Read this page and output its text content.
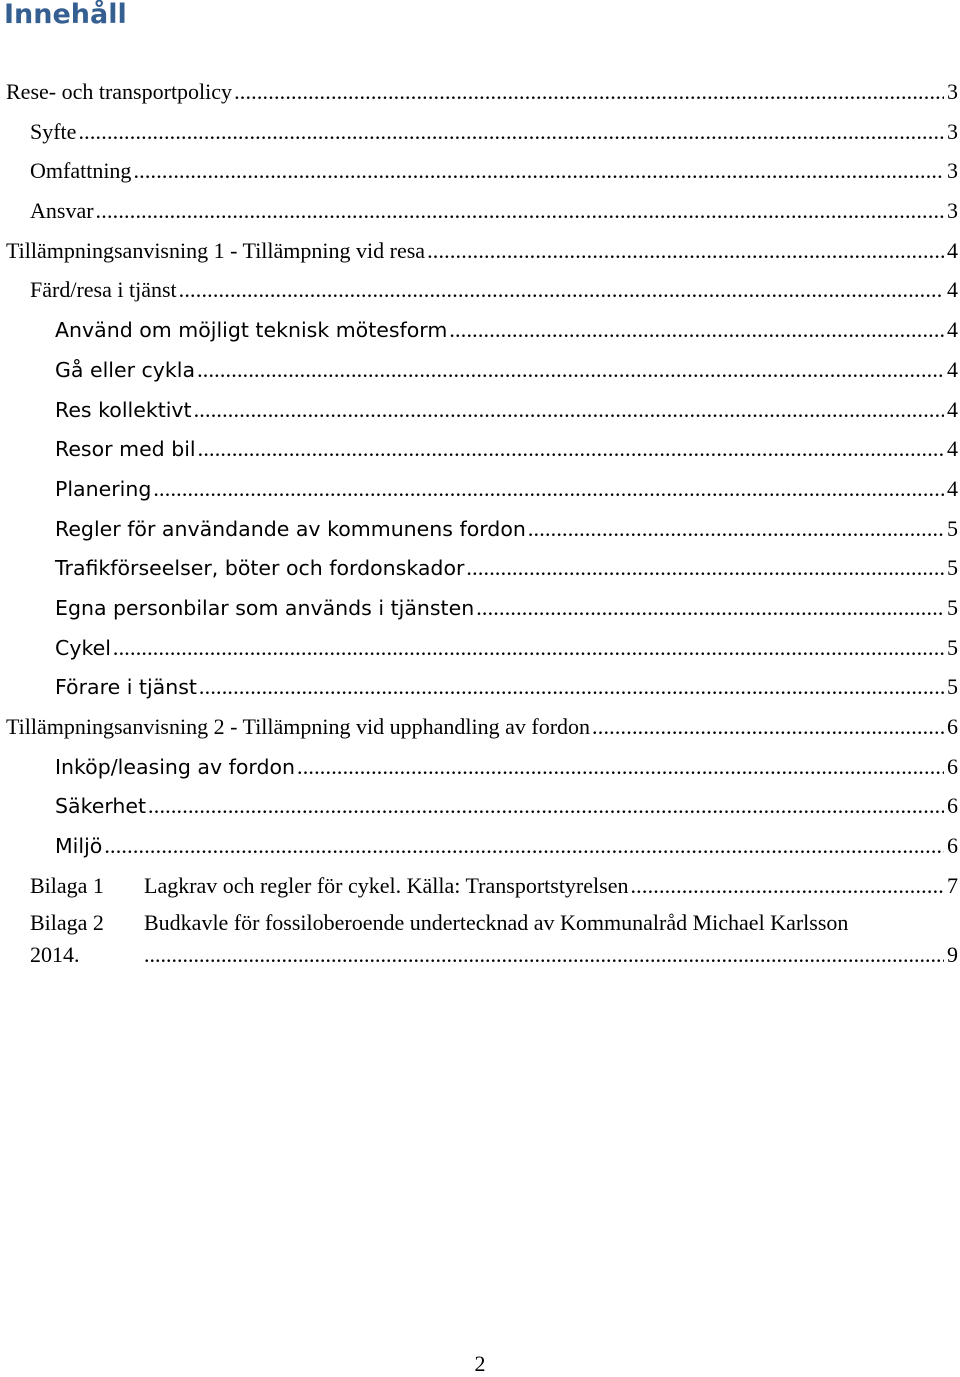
Innehåll
Rese- och transportpolicy .....	3
Syfte .....	3
Omfattning .....	3
Ansvar .....	3
Tillämpningsanvisning 1 - Tillämpning vid resa .....	4
Färd/resa i tjänst .....	4
Använd om möjligt teknisk mötesform .....	4
Gå eller cykla .....	4
Res kollektivt .....	4
Resor med bil .....	4
Planering .....	4
Regler för användande av kommunens fordon .....	5
Trafikförseelser, böter och fordonskador .....	5
Egna personbilar som används i tjänsten .....	5
Cykel .....	5
Förare i tjänst .....	5
Tillämpningsanvisning 2 - Tillämpning vid upphandling av fordon .....	6
Inköp/leasing av fordon .....	6
Säkerhet .....	6
Miljö .....	6
Bilaga 1 Lagkrav och regler för cykel. Källa: Transportstyrelsen .....	7
Bilaga 2 Budkavle för fossiloberoende undertecknad av Kommunalråd Michael Karlsson
2014. .....	9
2
